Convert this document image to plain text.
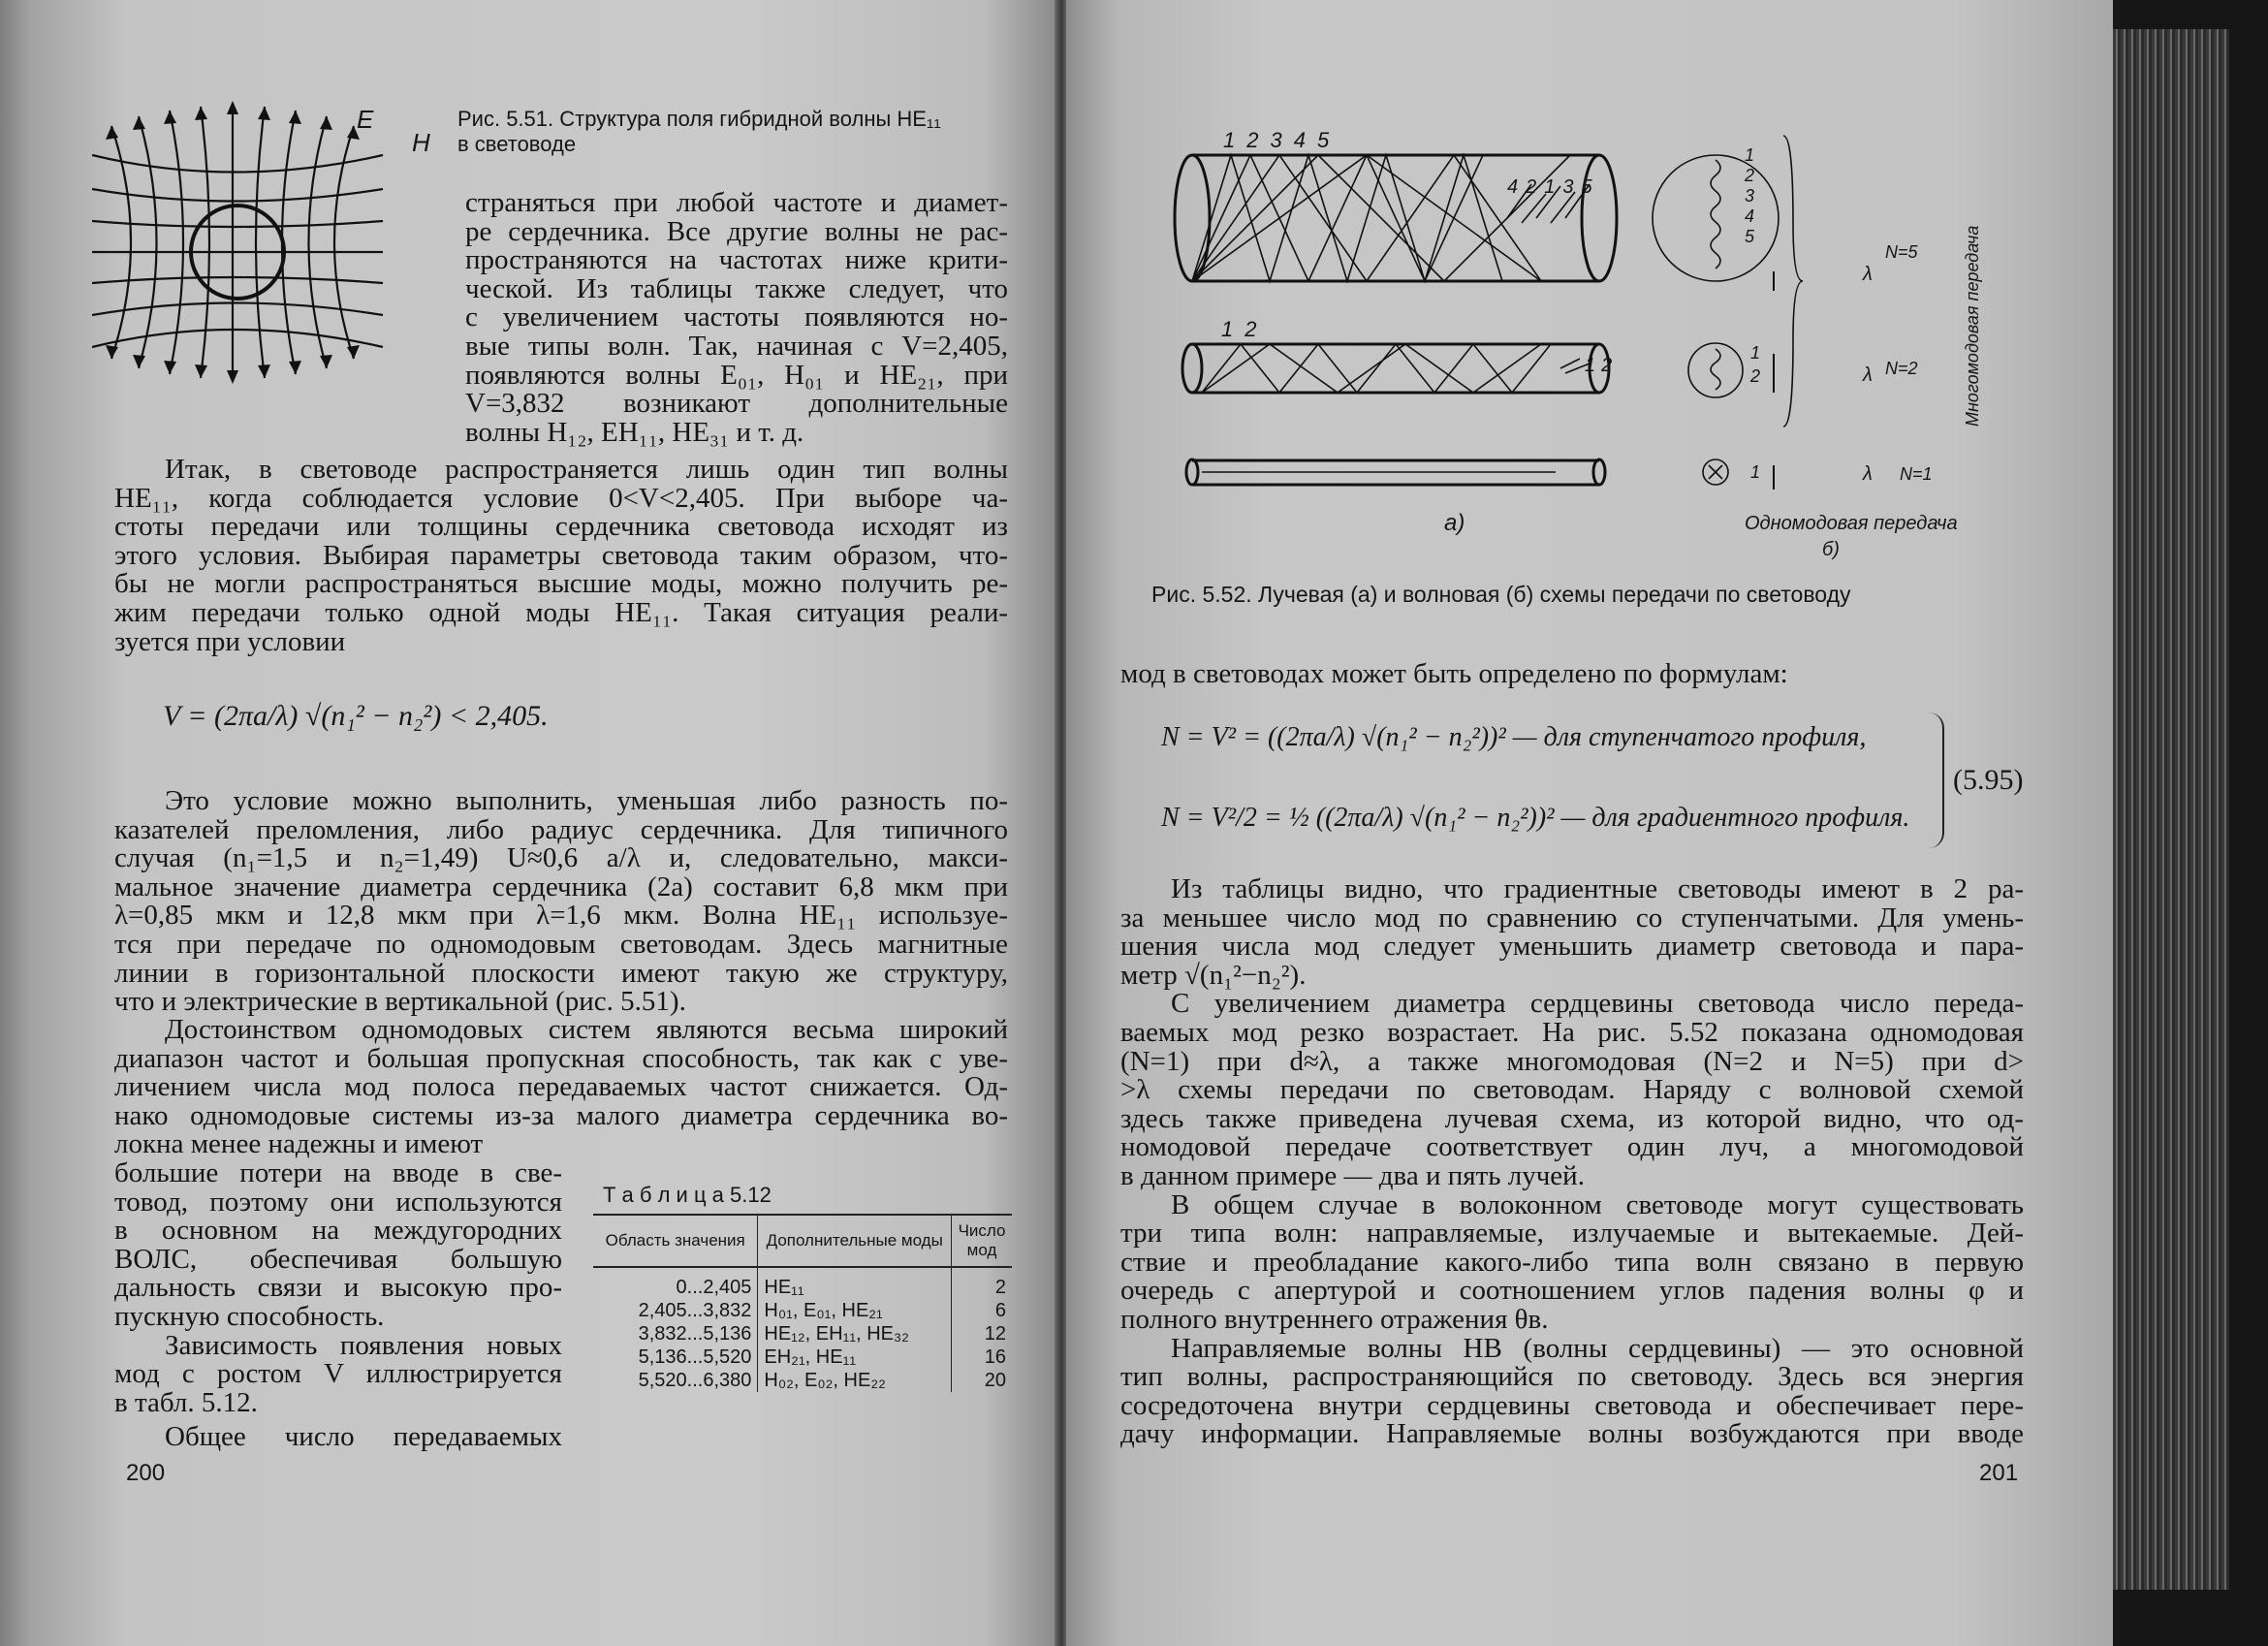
E
H
Рис. 5.51. Структура поля гибридной волны HE₁₁
в световоде
страняться при любой частоте и диамет-
ре сердечника. Все другие волны не рас-
пространяются на частотах ниже крити-
ческой. Из таблицы также следует, что
с увеличением частоты появляются но-
вые типы волн. Так, начиная с V=2,405,
появляются волны E₀₁, H₀₁ и HE₂₁, при
V=3,832 возникают дополнительные
волны H₁₂, EH₁₁, HE₃₁ и т. д.
Итак, в световоде распространяется лишь один тип волны
HE₁₁, когда соблюдается условие 0<V<2,405. При выборе ча-
стоты передачи или толщины сердечника световода исходят из
этого условия. Выбирая параметры световода таким образом, что-
бы не могли распространяться высшие моды, можно получить ре-
жим передачи только одной моды HE₁₁. Такая ситуация реали-
зуется при условии
V = (2πa/λ) √(n₁² − n₂²) < 2,405.
Это условие можно выполнить, уменьшая либо разность по-
казателей преломления, либо радиус сердечника. Для типичного
случая (n₁=1,5 и n₂=1,49) U≈0,6 a/λ и, следовательно, макси-
мальное значение диаметра сердечника (2a) составит 6,8 мкм при
λ=0,85 мкм и 12,8 мкм при λ=1,6 мкм. Волна HE₁₁ используе-
тся при передаче по одномодовым световодам. Здесь магнитные
линии в горизонтальной плоскости имеют такую же структуру,
что и электрические в вертикальной (рис. 5.51).
Достоинством одномодовых систем являются весьма широкий
диапазон частот и большая пропускная способность, так как с уве-
личением числа мод полоса передаваемых частот снижается. Од-
нако одномодовые системы из-за малого диаметра сердечника во-
локна менее надежны и имеют
большие потери на вводе в све-
товод, поэтому они используются
в основном на междугородних
ВОЛС, обеспечивая большую
дальность связи и высокую про-
пускную способность.
Зависимость появления новых
мод с ростом V иллюстрируется
в табл. 5.12.
Общее число передаваемых
Т а б л и ц а 5.12
Область значения	Дополнительные моды	Число мод
0...2,405	HE₁₁	2
2,405...3,832	H₀₁, E₀₁, HE₂₁	6
3,832...5,136	HE₁₂, EH₁₁, HE₃₂	12
5,136...5,520	EH₂₁, HE₁₁	16
5,520...6,380	H₀₂, E₀₂, HE₂₂	20
200
12345
42135
12
12
а)
1
2
3
4
5
1
2
1
λ
λ
λ
N=5
N=2
N=1
Многомодовая передача
Одномодовая передача
б)
Рис. 5.52. Лучевая (а) и волновая (б) схемы передачи по световоду
мод в световодах может быть определено по формулам:
N = V² = ((2πa/λ) √(n₁² − n₂²))² — для ступенчатого профиля,
N = V²/2 = ½ ((2πa/λ) √(n₁² − n₂²))² — для градиентного профиля.
(5.95)
Из таблицы видно, что градиентные световоды имеют в 2 ра-
за меньшее число мод по сравнению со ступенчатыми. Для умень-
шения числа мод следует уменьшить диаметр световода и пара-
метр √(n₁²−n₂²).
С увеличением диаметра сердцевины световода число переда-
ваемых мод резко возрастает. На рис. 5.52 показана одномодовая
(N=1) при d≈λ, а также многомодовая (N=2 и N=5) при d>
>λ схемы передачи по световодам. Наряду с волновой схемой
здесь также приведена лучевая схема, из которой видно, что од-
номодовой передаче соответствует один луч, а многомодовой
в данном примере — два и пять лучей.
В общем случае в волоконном световоде могут существовать
три типа волн: направляемые, излучаемые и вытекаемые. Дей-
ствие и преобладание какого-либо типа волн связано в первую
очередь с апертурой и соотношением углов падения волны φ и
полного внутреннего отражения θв.
Направляемые волны НВ (волны сердцевины) — это основной
тип волны, распространяющийся по световоду. Здесь вся энергия
сосредоточена внутри сердцевины световода и обеспечивает пере-
дачу информации. Направляемые волны возбуждаются при вводе
201
